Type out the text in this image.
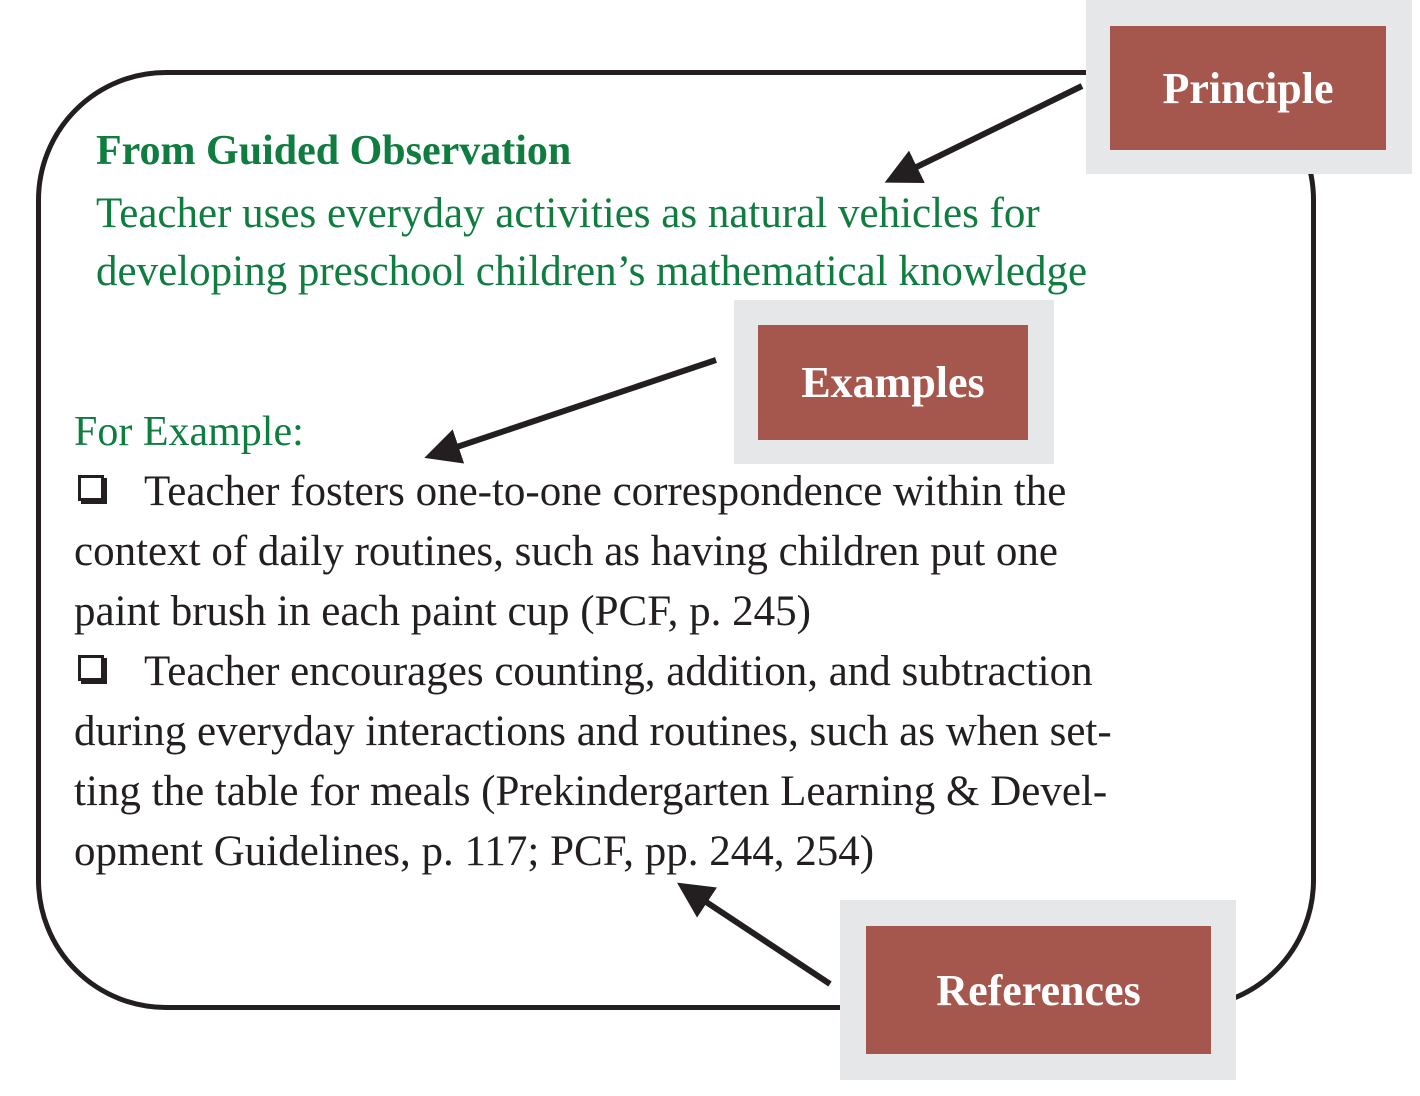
From Guided Observation
Teacher uses everyday activities as natural vehicles for
developing preschool children’s mathematical knowledge
For Example:
Teacher fosters one-to-one correspondence within the
context of daily routines, such as having children put one
paint brush in each paint cup (PCF, p. 245)
Teacher encourages counting, addition, and subtraction
during everyday interactions and routines, such as when set-
ting the table for meals (Prekindergarten Learning & Devel-
opment Guidelines, p. 117; PCF, pp. 244, 254)
Principle
Examples
References
